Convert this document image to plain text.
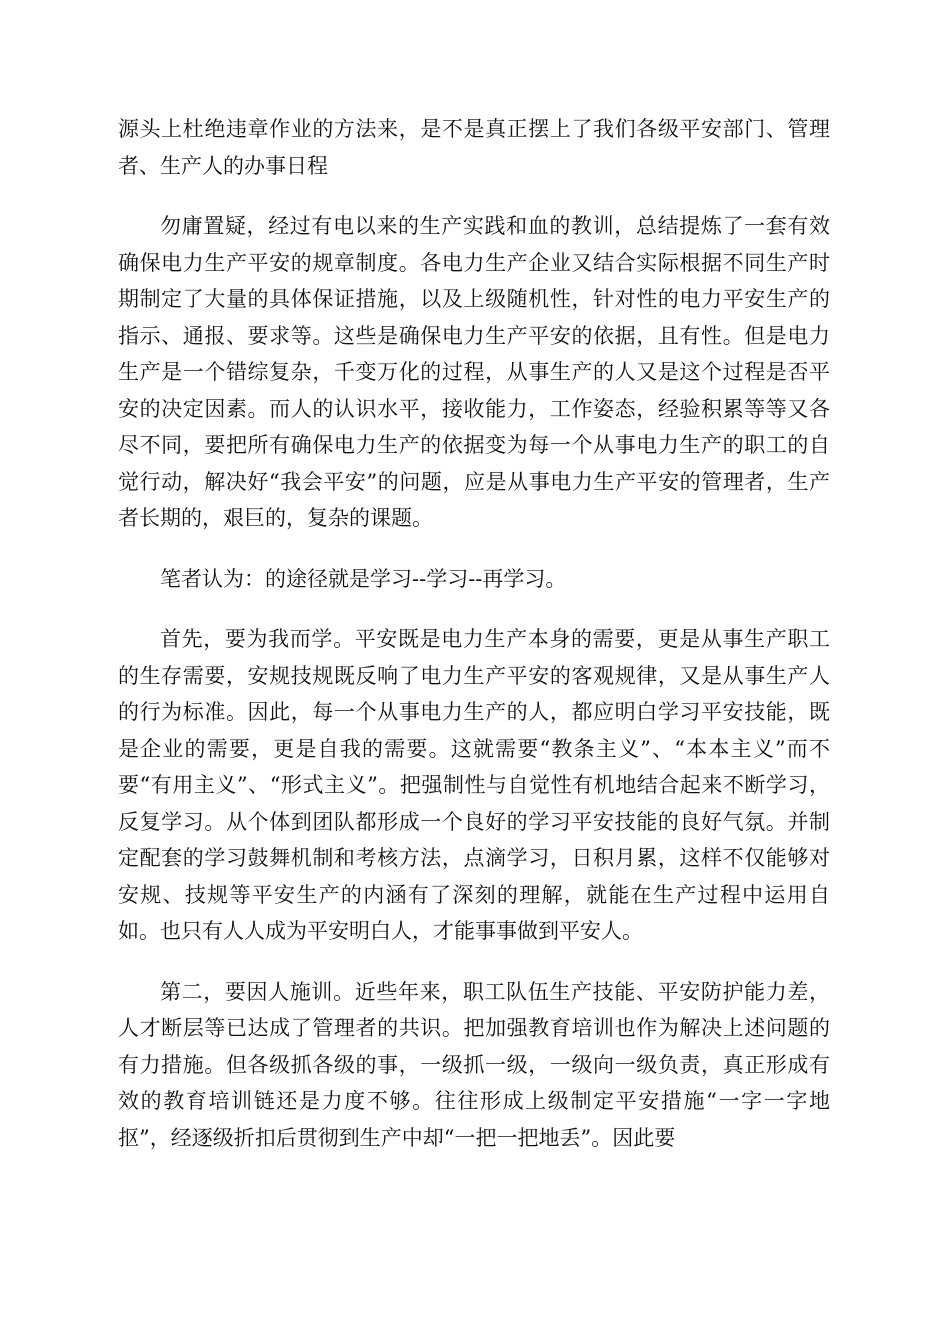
源头上杜绝违章作业的方法来，是不是真正摆上了我们各级平安部门、管理者、生产人的办事日程

勿庸置疑，经过有电以来的生产实践和血的教训，总结提炼了一套有效确保电力生产平安的规章制度。各电力生产企业又结合实际根据不同生产时期制定了大量的具体保证措施，以及上级随机性，针对性的电力平安生产的指示、通报、要求等。这些是确保电力生产平安的依据，且有性。但是电力生产是一个错综复杂，千变万化的过程，从事生产的人又是这个过程是否平安的决定因素。而人的认识水平，接收能力，工作姿态，经验积累等等又各尽不同，要把所有确保电力生产的依据变为每一个从事电力生产的职工的自觉行动，解决好“我会平安”的问题，应是从事电力生产平安的管理者，生产者长期的，艰巨的，复杂的课题。

笔者认为：的途径就是学习--学习--再学习。

首先，要为我而学。平安既是电力生产本身的需要，更是从事生产职工的生存需要，安规技规既反响了电力生产平安的客观规律，又是从事生产人的行为标准。因此，每一个从事电力生产的人，都应明白学习平安技能，既是企业的需要，更是自我的需要。这就需要“教条主义”、“本本主义”而不要“有用主义”、“形式主义”。把强制性与自觉性有机地结合起来不断学习，反复学习。从个体到团队都形成一个良好的学习平安技能的良好气氛。并制定配套的学习鼓舞机制和考核方法，点滴学习，日积月累，这样不仅能够对安规、技规等平安生产的内涵有了深刻的理解，就能在生产过程中运用自如。也只有人人成为平安明白人，才能事事做到平安人。

第二，要因人施训。近些年来，职工队伍生产技能、平安防护能力差，人才断层等已达成了管理者的共识。把加强教育培训也作为解决上述问题的有力措施。但各级抓各级的事，一级抓一级，一级向一级负责，真正形成有效的教育培训链还是力度不够。往往形成上级制定平安措施“一字一字地抠”，经逐级折扣后贯彻到生产中却“一把一把地丢”。因此要
